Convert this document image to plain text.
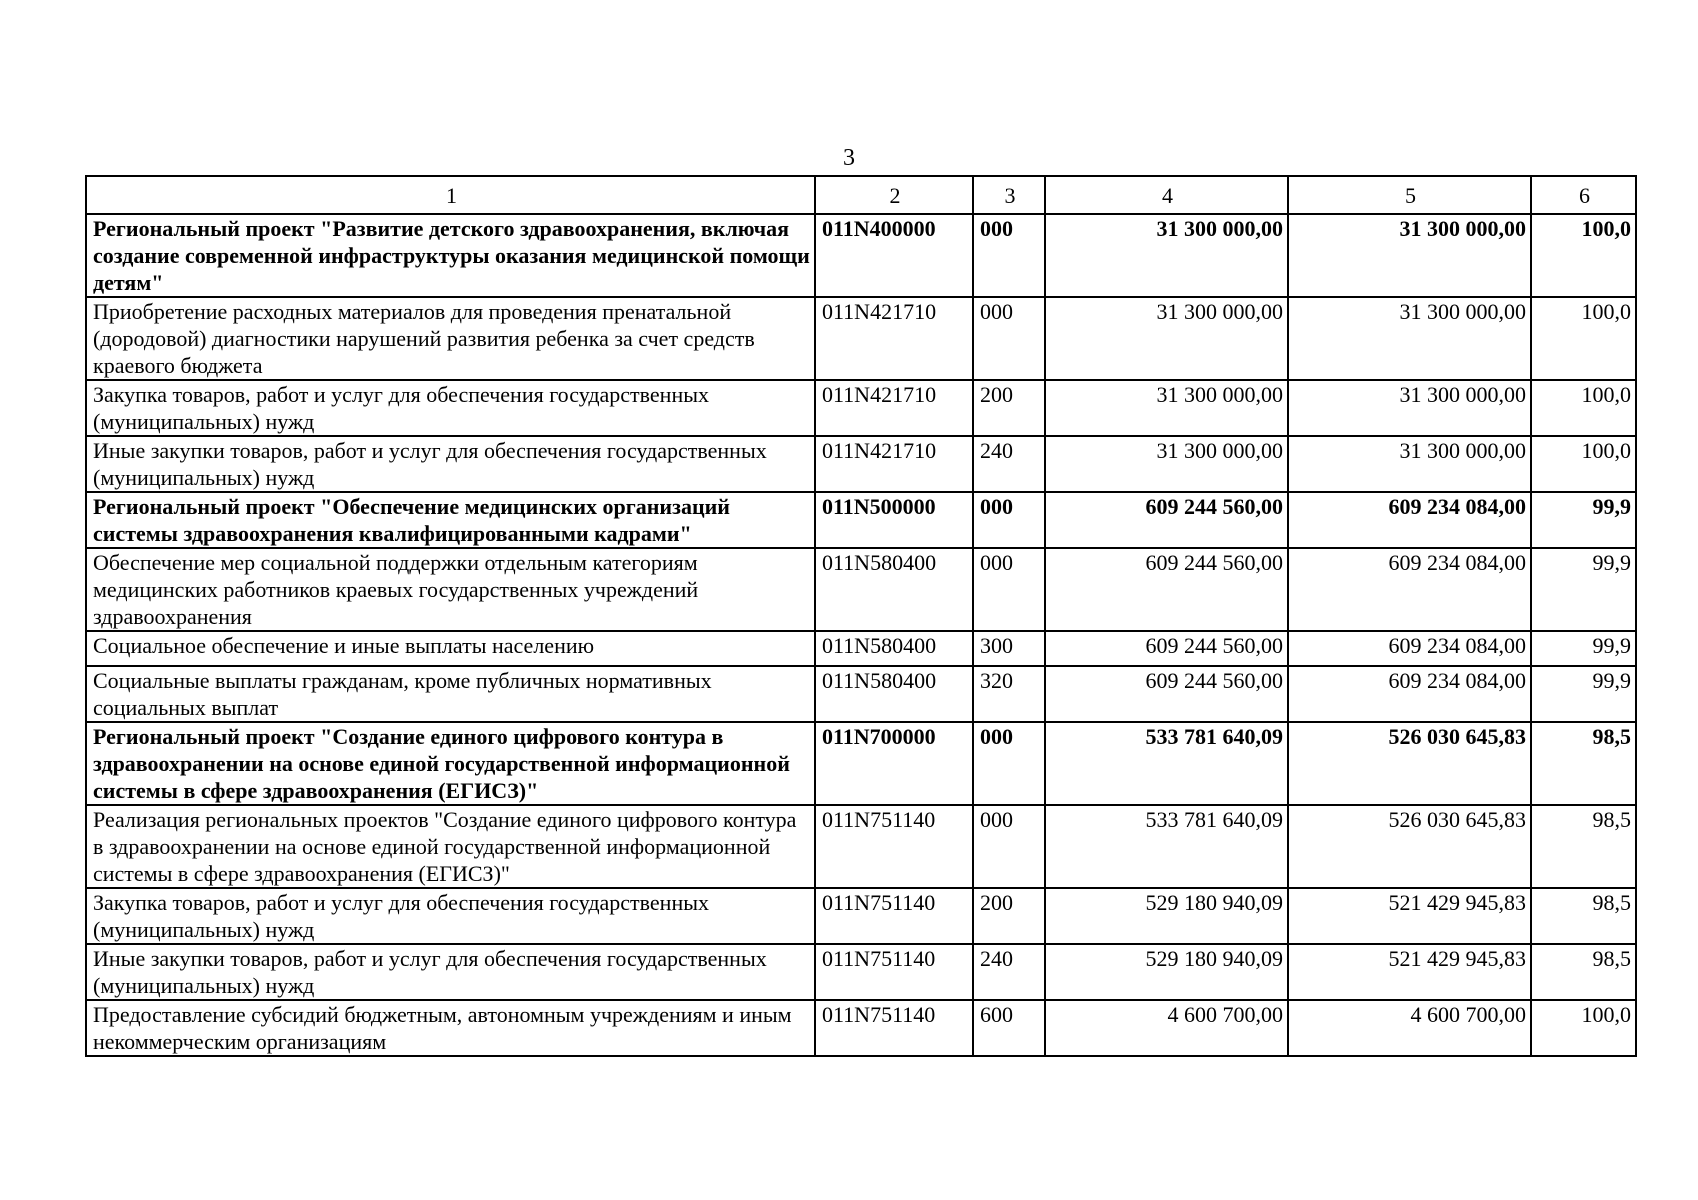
3
1	2	3	4	5	6
Региональный проект "Развитие детского здравоохранения, включая создание современной инфраструктуры оказания медицинской помощи детям"	011N400000	000	31 300 000,00	31 300 000,00	100,0
Приобретение расходных материалов для проведения пренатальной (дородовой) диагностики нарушений развития ребенка за счет средств краевого бюджета	011N421710	000	31 300 000,00	31 300 000,00	100,0
Закупка товаров, работ и услуг для обеспечения государственных (муниципальных) нужд	011N421710	200	31 300 000,00	31 300 000,00	100,0
Иные закупки товаров, работ и услуг для обеспечения государственных (муниципальных) нужд	011N421710	240	31 300 000,00	31 300 000,00	100,0
Региональный проект "Обеспечение медицинских организаций системы здравоохранения квалифицированными кадрами"	011N500000	000	609 244 560,00	609 234 084,00	99,9
Обеспечение мер социальной поддержки отдельным категориям медицинских работников краевых государственных учреждений здравоохранения	011N580400	000	609 244 560,00	609 234 084,00	99,9
Социальное обеспечение и иные выплаты населению	011N580400	300	609 244 560,00	609 234 084,00	99,9
Социальные выплаты гражданам, кроме публичных нормативных социальных выплат	011N580400	320	609 244 560,00	609 234 084,00	99,9
Региональный проект "Создание единого цифрового контура в здравоохранении на основе единой государственной информационной системы в сфере здравоохранения (ЕГИСЗ)"	011N700000	000	533 781 640,09	526 030 645,83	98,5
Реализация региональных проектов "Создание единого цифрового контура в здравоохранении на основе единой государственной информационной системы в сфере здравоохранения (ЕГИСЗ)"	011N751140	000	533 781 640,09	526 030 645,83	98,5
Закупка товаров, работ и услуг для обеспечения государственных (муниципальных) нужд	011N751140	200	529 180 940,09	521 429 945,83	98,5
Иные закупки товаров, работ и услуг для обеспечения государственных (муниципальных) нужд	011N751140	240	529 180 940,09	521 429 945,83	98,5
Предоставление субсидий бюджетным, автономным учреждениям и иным некоммерческим организациям	011N751140	600	4 600 700,00	4 600 700,00	100,0
